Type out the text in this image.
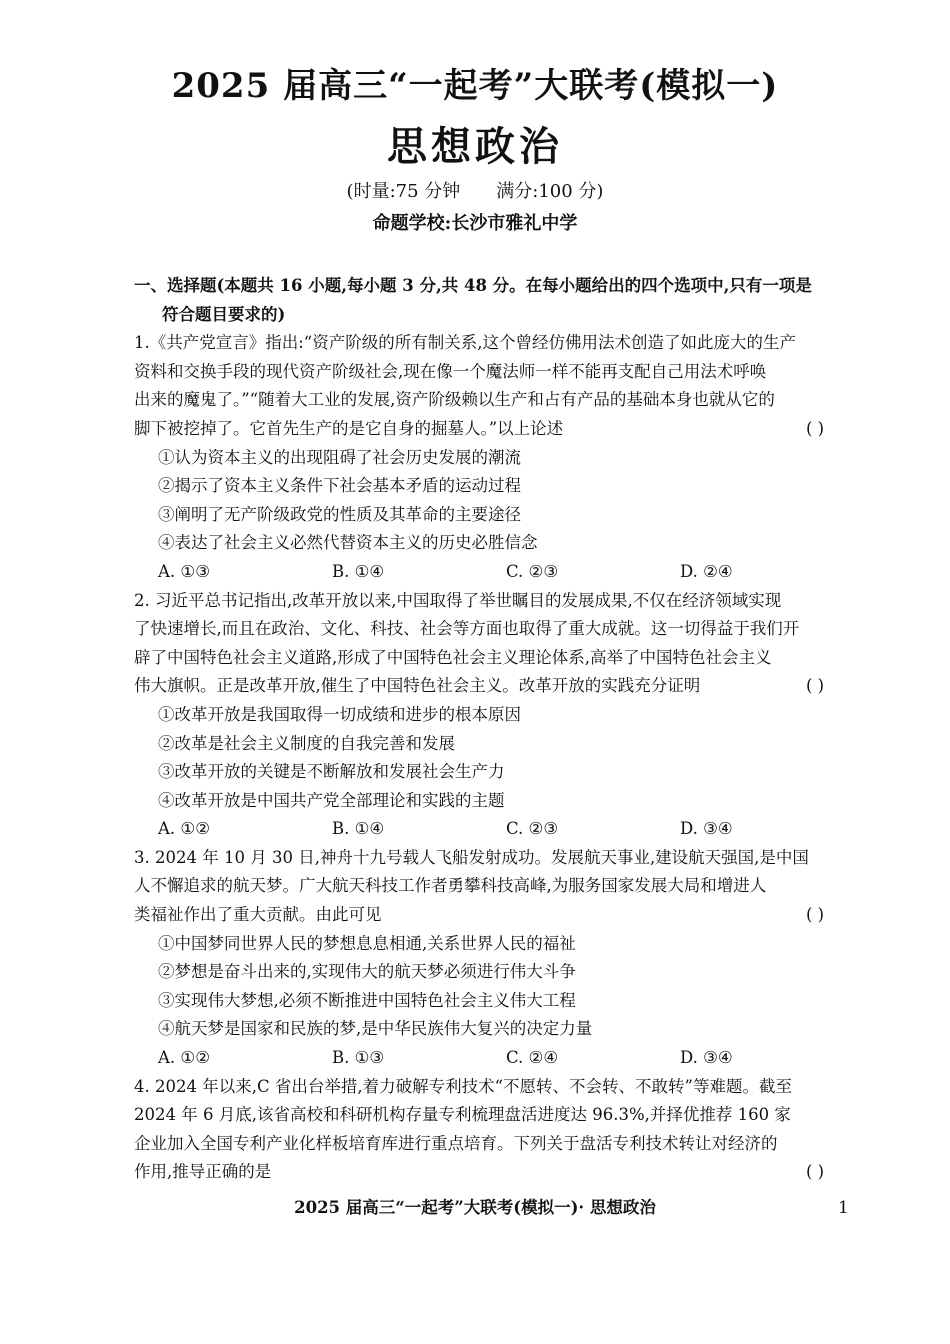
2025 届高三“一起考”大联考(模拟一)
思想政治
(时量:75 分钟 满分:100 分)
命题学校:长沙市雅礼中学
一、选择题(本题共 16 小题,每小题 3 分,共 48 分。在每小题给出的四个选项中,只有一项是
符合题目要求的)
1.《共产党宣言》指出:“资产阶级的所有制关系,这个曾经仿佛用法术创造了如此庞大的生产
资料和交换手段的现代资产阶级社会,现在像一个魔法师一样不能再支配自己用法术呼唤
出来的魔鬼了。”“随着大工业的发展,资产阶级赖以生产和占有产品的基础本身也就从它的
( )
脚下被挖掉了。它首先生产的是它自身的掘墓人。”以上论述
①认为资本主义的出现阻碍了社会历史发展的潮流
②揭示了资本主义条件下社会基本矛盾的运动过程
③阐明了无产阶级政党的性质及其革命的主要途径
④表达了社会主义必然代替资本主义的历史必胜信念
A. ①③	B. ①④	C. ②③	D. ②④
2. 习近平总书记指出,改革开放以来,中国取得了举世瞩目的发展成果,不仅在经济领域实现
了快速增长,而且在政治、文化、科技、社会等方面也取得了重大成就。这一切得益于我们开
辟了中国特色社会主义道路,形成了中国特色社会主义理论体系,高举了中国特色社会主义
( )
伟大旗帜。正是改革开放,催生了中国特色社会主义。改革开放的实践充分证明
①改革开放是我国取得一切成绩和进步的根本原因
②改革是社会主义制度的自我完善和发展
③改革开放的关键是不断解放和发展社会生产力
④改革开放是中国共产党全部理论和实践的主题
A. ①②	B. ①④	C. ②③	D. ③④
3. 2024 年 10 月 30 日,神舟十九号载人飞船发射成功。发展航天事业,建设航天强国,是中国
人不懈追求的航天梦。广大航天科技工作者勇攀科技高峰,为服务国家发展大局和增进人
( )
类福祉作出了重大贡献。由此可见
①中国梦同世界人民的梦想息息相通,关系世界人民的福祉
②梦想是奋斗出来的,实现伟大的航天梦必须进行伟大斗争
③实现伟大梦想,必须不断推进中国特色社会主义伟大工程
④航天梦是国家和民族的梦,是中华民族伟大复兴的决定力量
A. ①②	B. ①③	C. ②④	D. ③④
4. 2024 年以来,C 省出台举措,着力破解专利技术“不愿转、不会转、不敢转”等难题。截至
2024 年 6 月底,该省高校和科研机构存量专利梳理盘活进度达 96.3%,并择优推荐 160 家
企业加入全国专利产业化样板培育库进行重点培育。下列关于盘活专利技术转让对经济的
( )
作用,推导正确的是
2025 届高三“一起考”大联考(模拟一)· 思想政治	1
